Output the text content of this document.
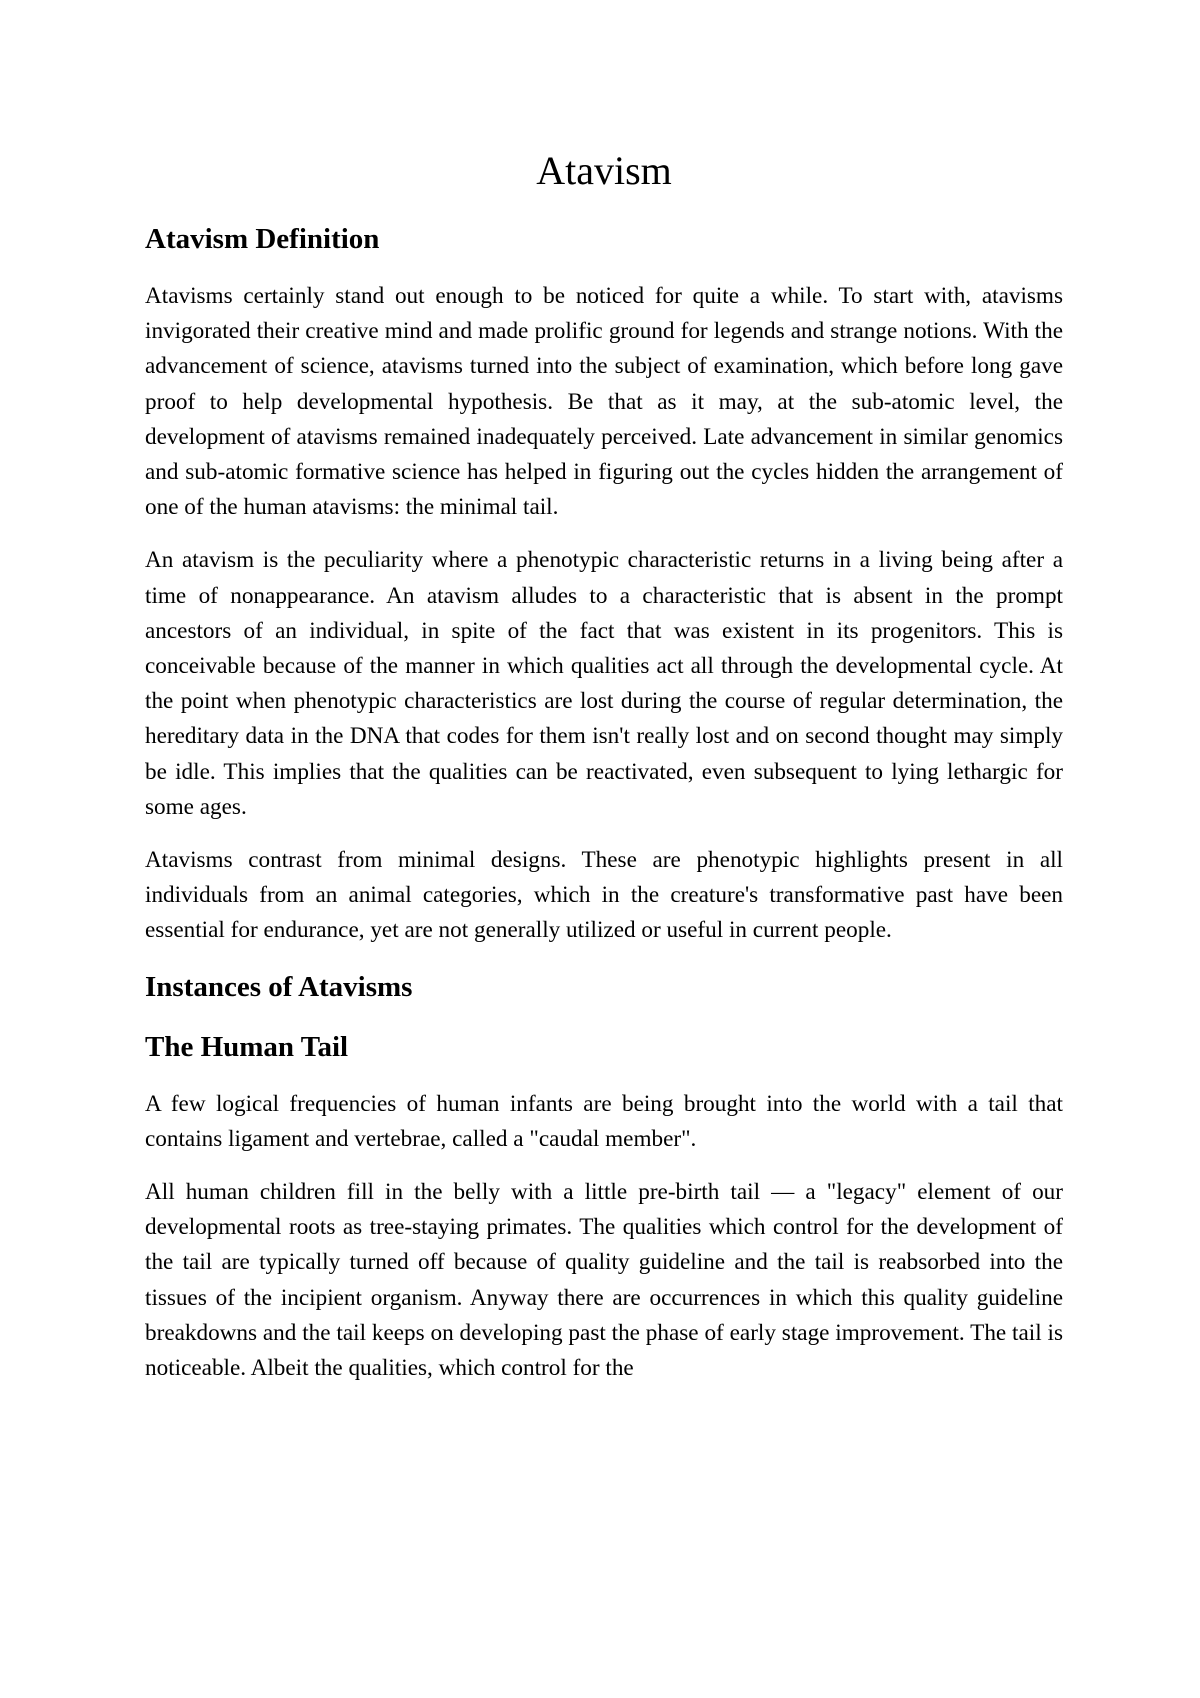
Atavism
Atavism Definition

Atavisms certainly stand out enough to be noticed for quite a while. To start with, atavisms invigorated their creative mind and made prolific ground for legends and strange notions. With the advancement of science, atavisms turned into the subject of examination, which before long gave proof to help developmental hypothesis. Be that as it may, at the sub-atomic level, the development of atavisms remained inadequately perceived. Late advancement in similar genomics and sub-atomic formative science has helped in figuring out the cycles hidden the arrangement of one of the human atavisms: the minimal tail.

An atavism is the peculiarity where a phenotypic characteristic returns in a living being after a time of nonappearance. An atavism alludes to a characteristic that is absent in the prompt ancestors of an individual, in spite of the fact that was existent in its progenitors. This is conceivable because of the manner in which qualities act all through the developmental cycle. At the point when phenotypic characteristics are lost during the course of regular determination, the hereditary data in the DNA that codes for them isn't really lost and on second thought may simply be idle. This implies that the qualities can be reactivated, even subsequent to lying lethargic for some ages.

Atavisms contrast from minimal designs. These are phenotypic highlights present in all individuals from an animal categories, which in the creature's transformative past have been essential for endurance, yet are not generally utilized or useful in current people.

Instances of Atavisms
The Human Tail

A few logical frequencies of human infants are being brought into the world with a tail that contains ligament and vertebrae, called a "caudal member".

All human children fill in the belly with a little pre-birth tail — a "legacy" element of our developmental roots as tree-staying primates. The qualities which control for the development of the tail are typically turned off because of quality guideline and the tail is reabsorbed into the tissues of the incipient organism. Anyway there are occurrences in which this quality guideline breakdowns and the tail keeps on developing past the phase of early stage improvement. The tail is noticeable. Albeit the qualities, which control for the
